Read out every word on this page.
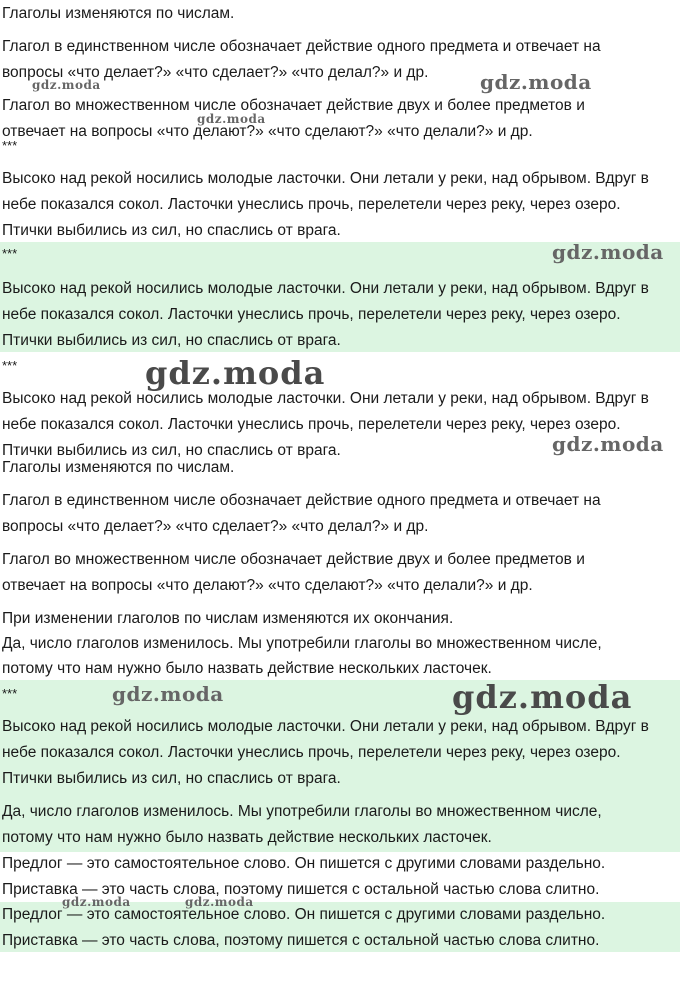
Глаголы изменяются по числам.
Глагол в единственном числе обозначает действие одного предмета и отвечает на
вопросы «что делает?» «что сделает?» «что делал?» и др.
Глагол во множественном числе обозначает действие двух и более предметов и
отвечает на вопросы «что делают?» «что сделают?» «что делали?» и др.
gdz.moda
gdz.moda
gdz.moda
***
Высоко над рекой носились молодые ласточки. Они летали у реки, над обрывом. Вдруг в
небе показался сокол. Ласточки унеслись прочь, перелетели через реку, через озеро.
Птички выбились из сил, но спаслись от врага.
***
Высоко над рекой носились молодые ласточки. Они летали у реки, над обрывом. Вдруг в
небе показался сокол. Ласточки унеслись прочь, перелетели через реку, через озеро.
Птички выбились из сил, но спаслись от врага.
gdz.moda
***
Высоко над рекой носились молодые ласточки. Они летали у реки, над обрывом. Вдруг в
небе показался сокол. Ласточки унеслись прочь, перелетели через реку, через озеро.
Птички выбились из сил, но спаслись от врага.
gdz.moda
gdz.moda
Глаголы изменяются по числам.
Глагол в единственном числе обозначает действие одного предмета и отвечает на
вопросы «что делает?» «что сделает?» «что делал?» и др.
Глагол во множественном числе обозначает действие двух и более предметов и
отвечает на вопросы «что делают?» «что сделают?» «что делали?» и др.
При изменении глаголов по числам изменяются их окончания.
Да, число глаголов изменилось. Мы употребили глаголы во множественном числе,
потому что нам нужно было назвать действие нескольких ласточек.
***
Высоко над рекой носились молодые ласточки. Они летали у реки, над обрывом. Вдруг в
небе показался сокол. Ласточки унеслись прочь, перелетели через реку, через озеро.
Птички выбились из сил, но спаслись от врага.
Да, число глаголов изменилось. Мы употребили глаголы во множественном числе,
потому что нам нужно было назвать действие нескольких ласточек.
gdz.moda	gdz.moda
Предлог — это самостоятельное слово. Он пишется с другими словами раздельно.
Приставка — это часть слова, поэтому пишется с остальной частью слова слитно.
Предлог — это самостоятельное слово. Он пишется с другими словами раздельно.
Приставка — это часть слова, поэтому пишется с остальной частью слова слитно.
gdz.moda	gdz.moda
